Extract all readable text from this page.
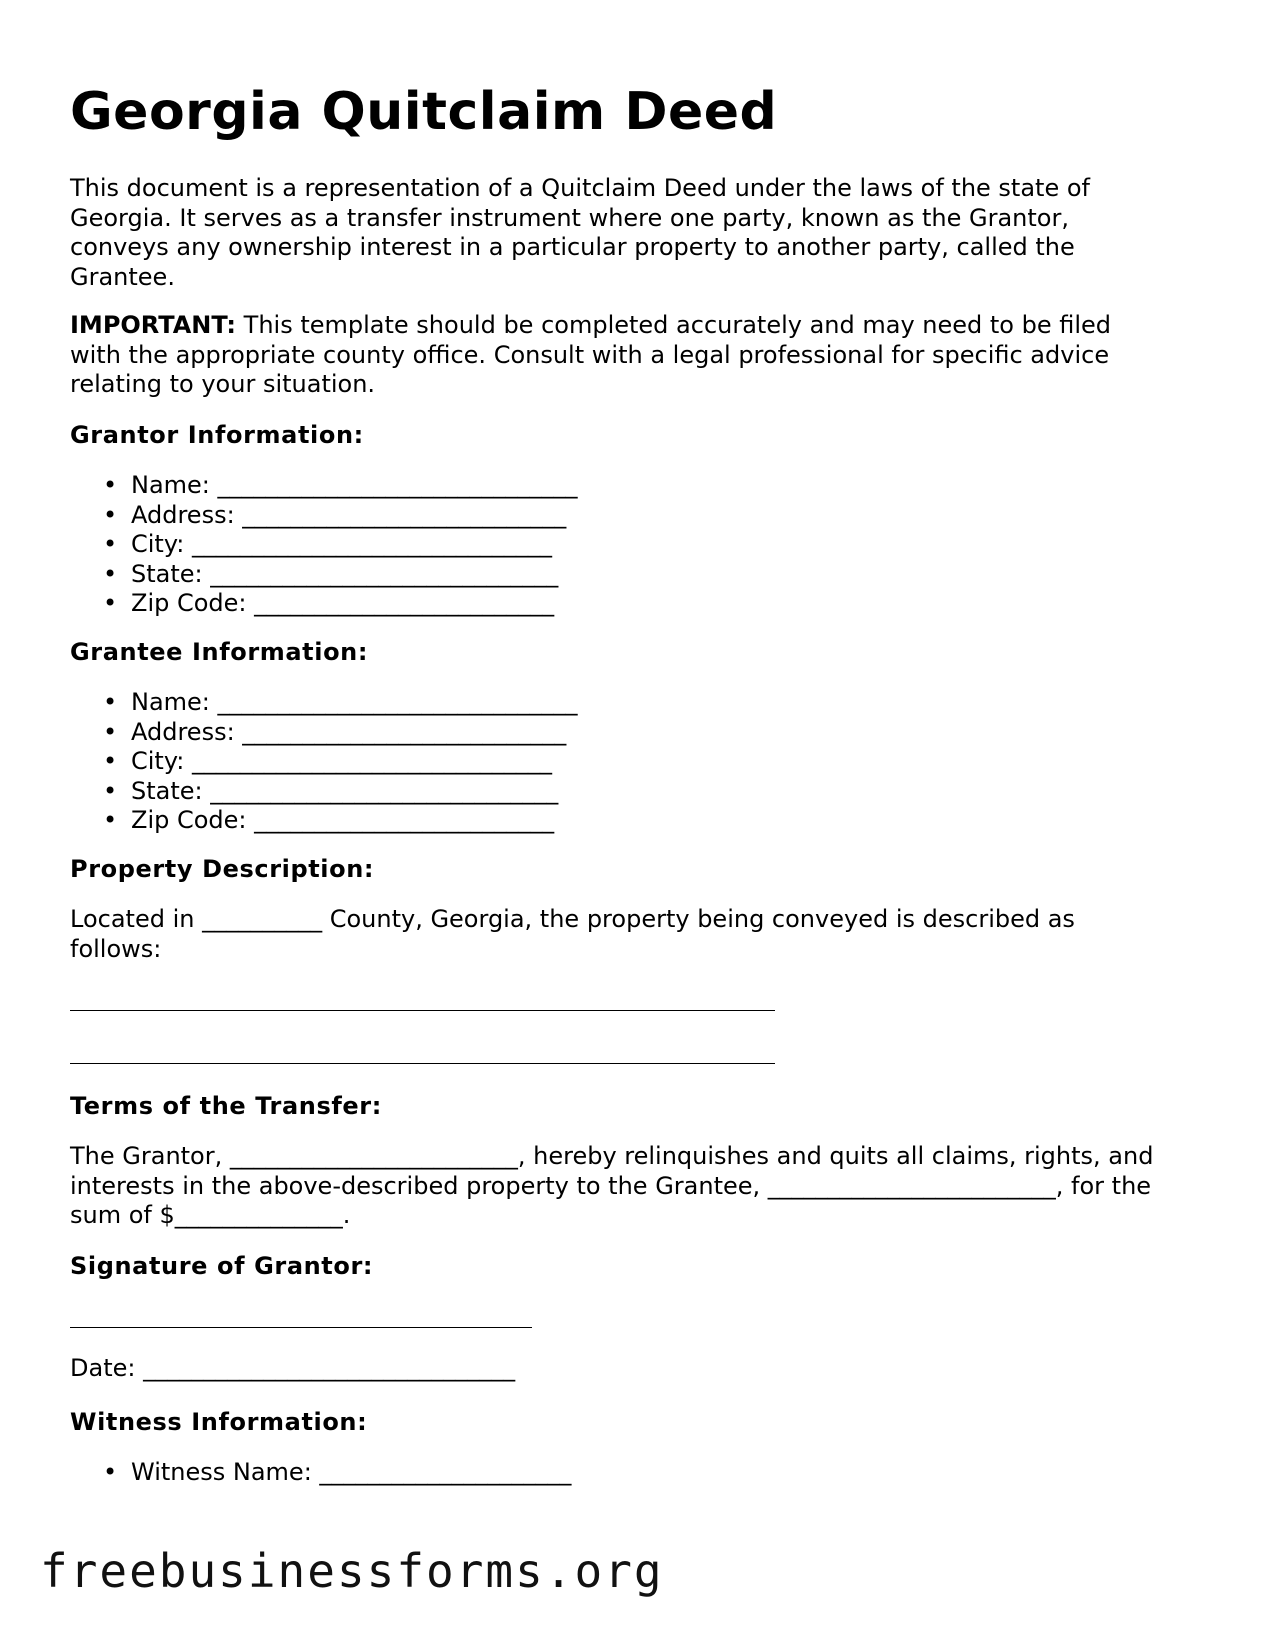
Georgia Quitclaim Deed

This document is a representation of a Quitclaim Deed under the laws of the state of Georgia. It serves as a transfer instrument where one party, known as the Grantor, conveys any ownership interest in a particular property to another party, called the Grantee.

IMPORTANT: This template should be completed accurately and may need to be filed with the appropriate county office. Consult with a legal professional for specific advice relating to your situation.

Grantor Information:
• Name: ______________________________
• Address: ___________________________
• City: ______________________________
• State: _____________________________
• Zip Code: _________________________
Grantee Information:
• Name: ______________________________
• Address: ___________________________
• City: ______________________________
• State: _____________________________
• Zip Code: _________________________
Property Description:

Located in __________ County, Georgia, the property being conveyed is described as follows:

Terms of the Transfer:

The Grantor, ________________________, hereby relinquishes and quits all claims, rights, and interests in the above-described property to the Grantee, ________________________, for the sum of $______________.

Signature of Grantor:

Date: _______________________________

Witness Information:
• Witness Name: _____________________
freebusinessforms.org
